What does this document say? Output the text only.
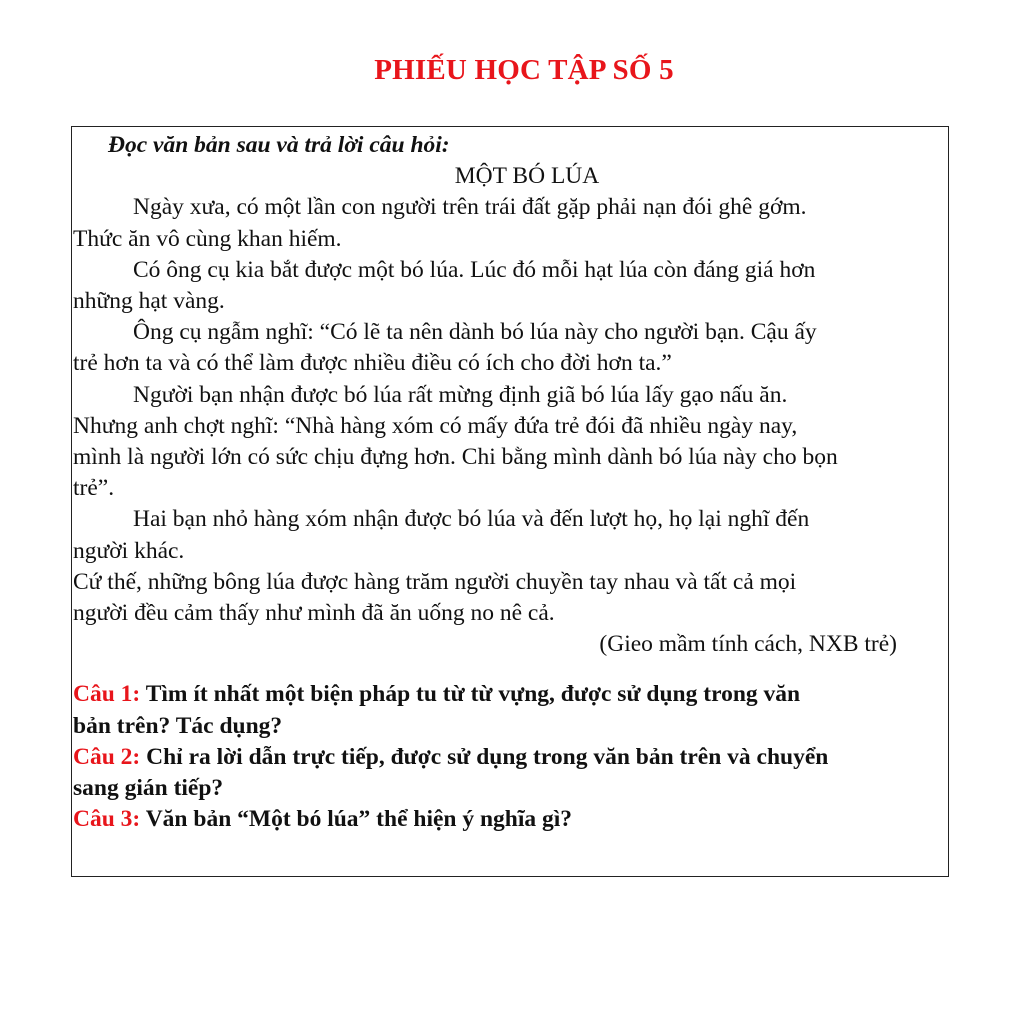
PHIẾU HỌC TẬP SỐ 5
Đọc văn bản sau và trả lời câu hỏi:
MỘT BÓ LÚA
Ngày xưa, có một lần con người trên trái đất gặp phải nạn đói ghê gớm.
Thức ăn vô cùng khan hiếm.
Có ông cụ kia bắt được một bó lúa. Lúc đó mỗi hạt lúa còn đáng giá hơn
những hạt vàng.
Ông cụ ngẫm nghĩ: “Có lẽ ta nên dành bó lúa này cho người bạn. Cậu ấy
trẻ hơn ta và có thể làm được nhiều điều có ích cho đời hơn ta.”
Người bạn nhận được bó lúa rất mừng định giã bó lúa lấy gạo nấu ăn.
Nhưng anh chợt nghĩ: “Nhà hàng xóm có mấy đứa trẻ đói đã nhiều ngày nay,
mình là người lớn có sức chịu đựng hơn. Chi bằng mình dành bó lúa này cho bọn
trẻ”.
Hai bạn nhỏ hàng xóm nhận được bó lúa và đến lượt họ, họ lại nghĩ đến
người khác.
Cứ thế, những bông lúa được hàng trăm người chuyền tay nhau và tất cả mọi
người đều cảm thấy như mình đã ăn uống no nê cả.
(Gieo mầm tính cách, NXB trẻ)
Câu 1: Tìm ít nhất một biện pháp tu từ từ vựng, được sử dụng trong văn
bản trên? Tác dụng?
Câu 2: Chỉ ra lời dẫn trực tiếp, được sử dụng trong văn bản trên và chuyển
sang gián tiếp?
Câu 3: Văn bản “Một bó lúa” thể hiện ý nghĩa gì?
